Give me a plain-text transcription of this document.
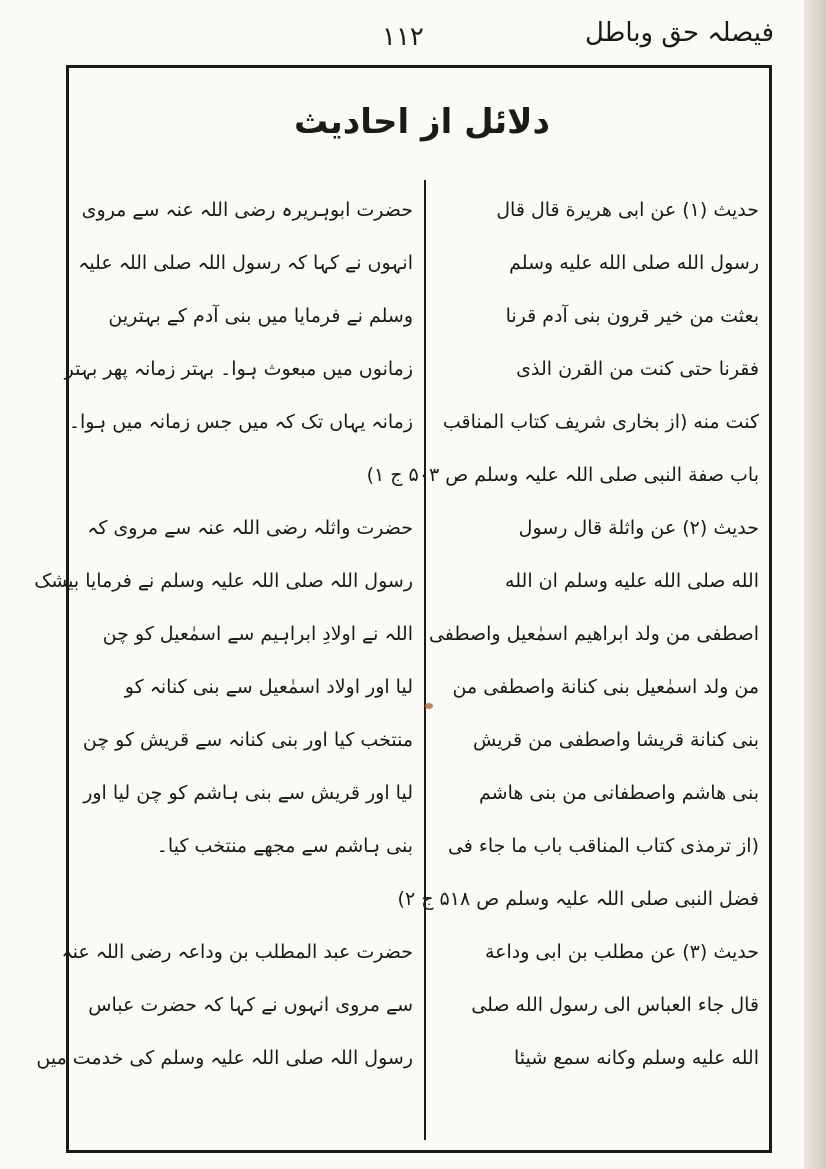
فیصلہ حق وباطل
۱۱۲
دلائل از احادیث
حدیث (۱) عن ابی هریرة قال قال
رسول الله صلی الله علیه وسلم
بعثت من خیر قرون بنی آدم قرنا
فقرنا حتی کنت من القرن الذی
کنت منه (از بخاری شریف کتاب المناقب
باب صفة النبی صلی اللہ علیہ وسلم ص ۵۰۳ ج ۱)
حدیث (۲) عن واثلة قال رسول
الله صلی الله علیه وسلم ان الله
اصطفی من ولد ابراهیم اسمٰعیل واصطفی
من ولد اسمٰعیل بنی کنانة واصطفی من
بنی کنانة قریشا واصطفی من قریش
بنی هاشم واصطفانی من بنی هاشم
(از ترمذی کتاب المناقب باب ما جاء فی
فضل النبی صلی اللہ علیہ وسلم ص ۵۱۸ ج ۲)
حدیث (۳) عن مطلب بن ابی وداعة
قال جاء العباس الی رسول الله صلی
الله علیه وسلم وکانه سمع شیئا
حضرت ابوہریرہ رضی اللہ عنہ سے مروی
انہوں نے کہا کہ رسول اللہ صلی اللہ علیہ
وسلم نے فرمایا میں بنی آدم کے بہترین
زمانوں میں مبعوث ہوا۔ بہتر زمانہ پھر بہتر
زمانہ یہاں تک کہ میں جس زمانہ میں ہوا۔
حضرت واثلہ رضی اللہ عنہ سے مروی کہ
رسول اللہ صلی اللہ علیہ وسلم نے فرمایا بیشک
اللہ نے اولادِ ابراہیم سے اسمٰعیل کو چن
لیا اور اولاد اسمٰعیل سے بنی کنانہ کو
منتخب کیا اور بنی کنانہ سے قریش کو چن
لیا اور قریش سے بنی ہاشم کو چن لیا اور
بنی ہاشم سے مجھے منتخب کیا۔
حضرت عبد المطلب بن وداعہ رضی اللہ عنہ
سے مروی انہوں نے کہا کہ حضرت عباس
رسول اللہ صلی اللہ علیہ وسلم کی خدمت میں
